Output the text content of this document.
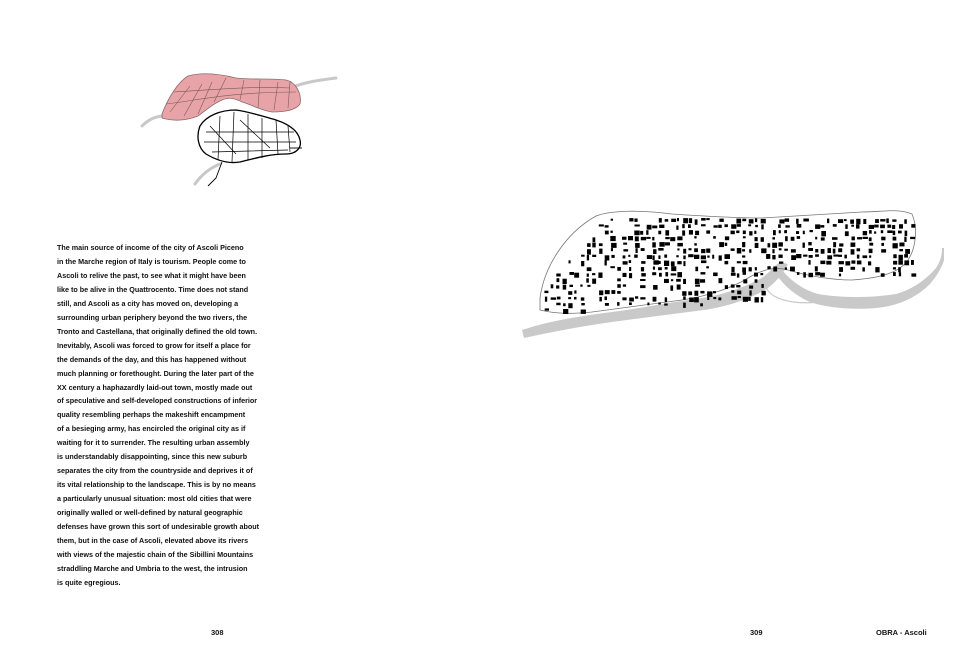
The main source of income of the city of Ascoli Piceno
in the Marche region of Italy is tourism. People come to
Ascoli to relive the past, to see what it might have been
like to be alive in the Quattrocento. Time does not stand
still, and Ascoli as a city has moved on, developing a
surrounding urban periphery beyond the two rivers, the
Tronto and Castellana, that originally defined the old town.
Inevitably, Ascoli was forced to grow for itself a place for
the demands of the day, and this has happened without
much planning or forethought. During the later part of the
XX century a haphazardly laid-out town, mostly made out
of speculative and self-developed constructions of inferior
quality resembling perhaps the makeshift encampment
of a besieging army, has encircled the original city as if
waiting for it to surrender. The resulting urban assembly
is understandably disappointing, since this new suburb
separates the city from the countryside and deprives it of
its vital relationship to the landscape. This is by no means
a particularly unusual situation: most old cities that were
originally walled or well-defined by natural geographic
defenses have grown this sort of undesirable growth about
them, but in the case of Ascoli, elevated above its rivers
with views of the majestic chain of the Sibillini Mountains
straddling Marche and Umbria to the west, the intrusion
is quite egregious.

308	309	OBRA - Ascoli
